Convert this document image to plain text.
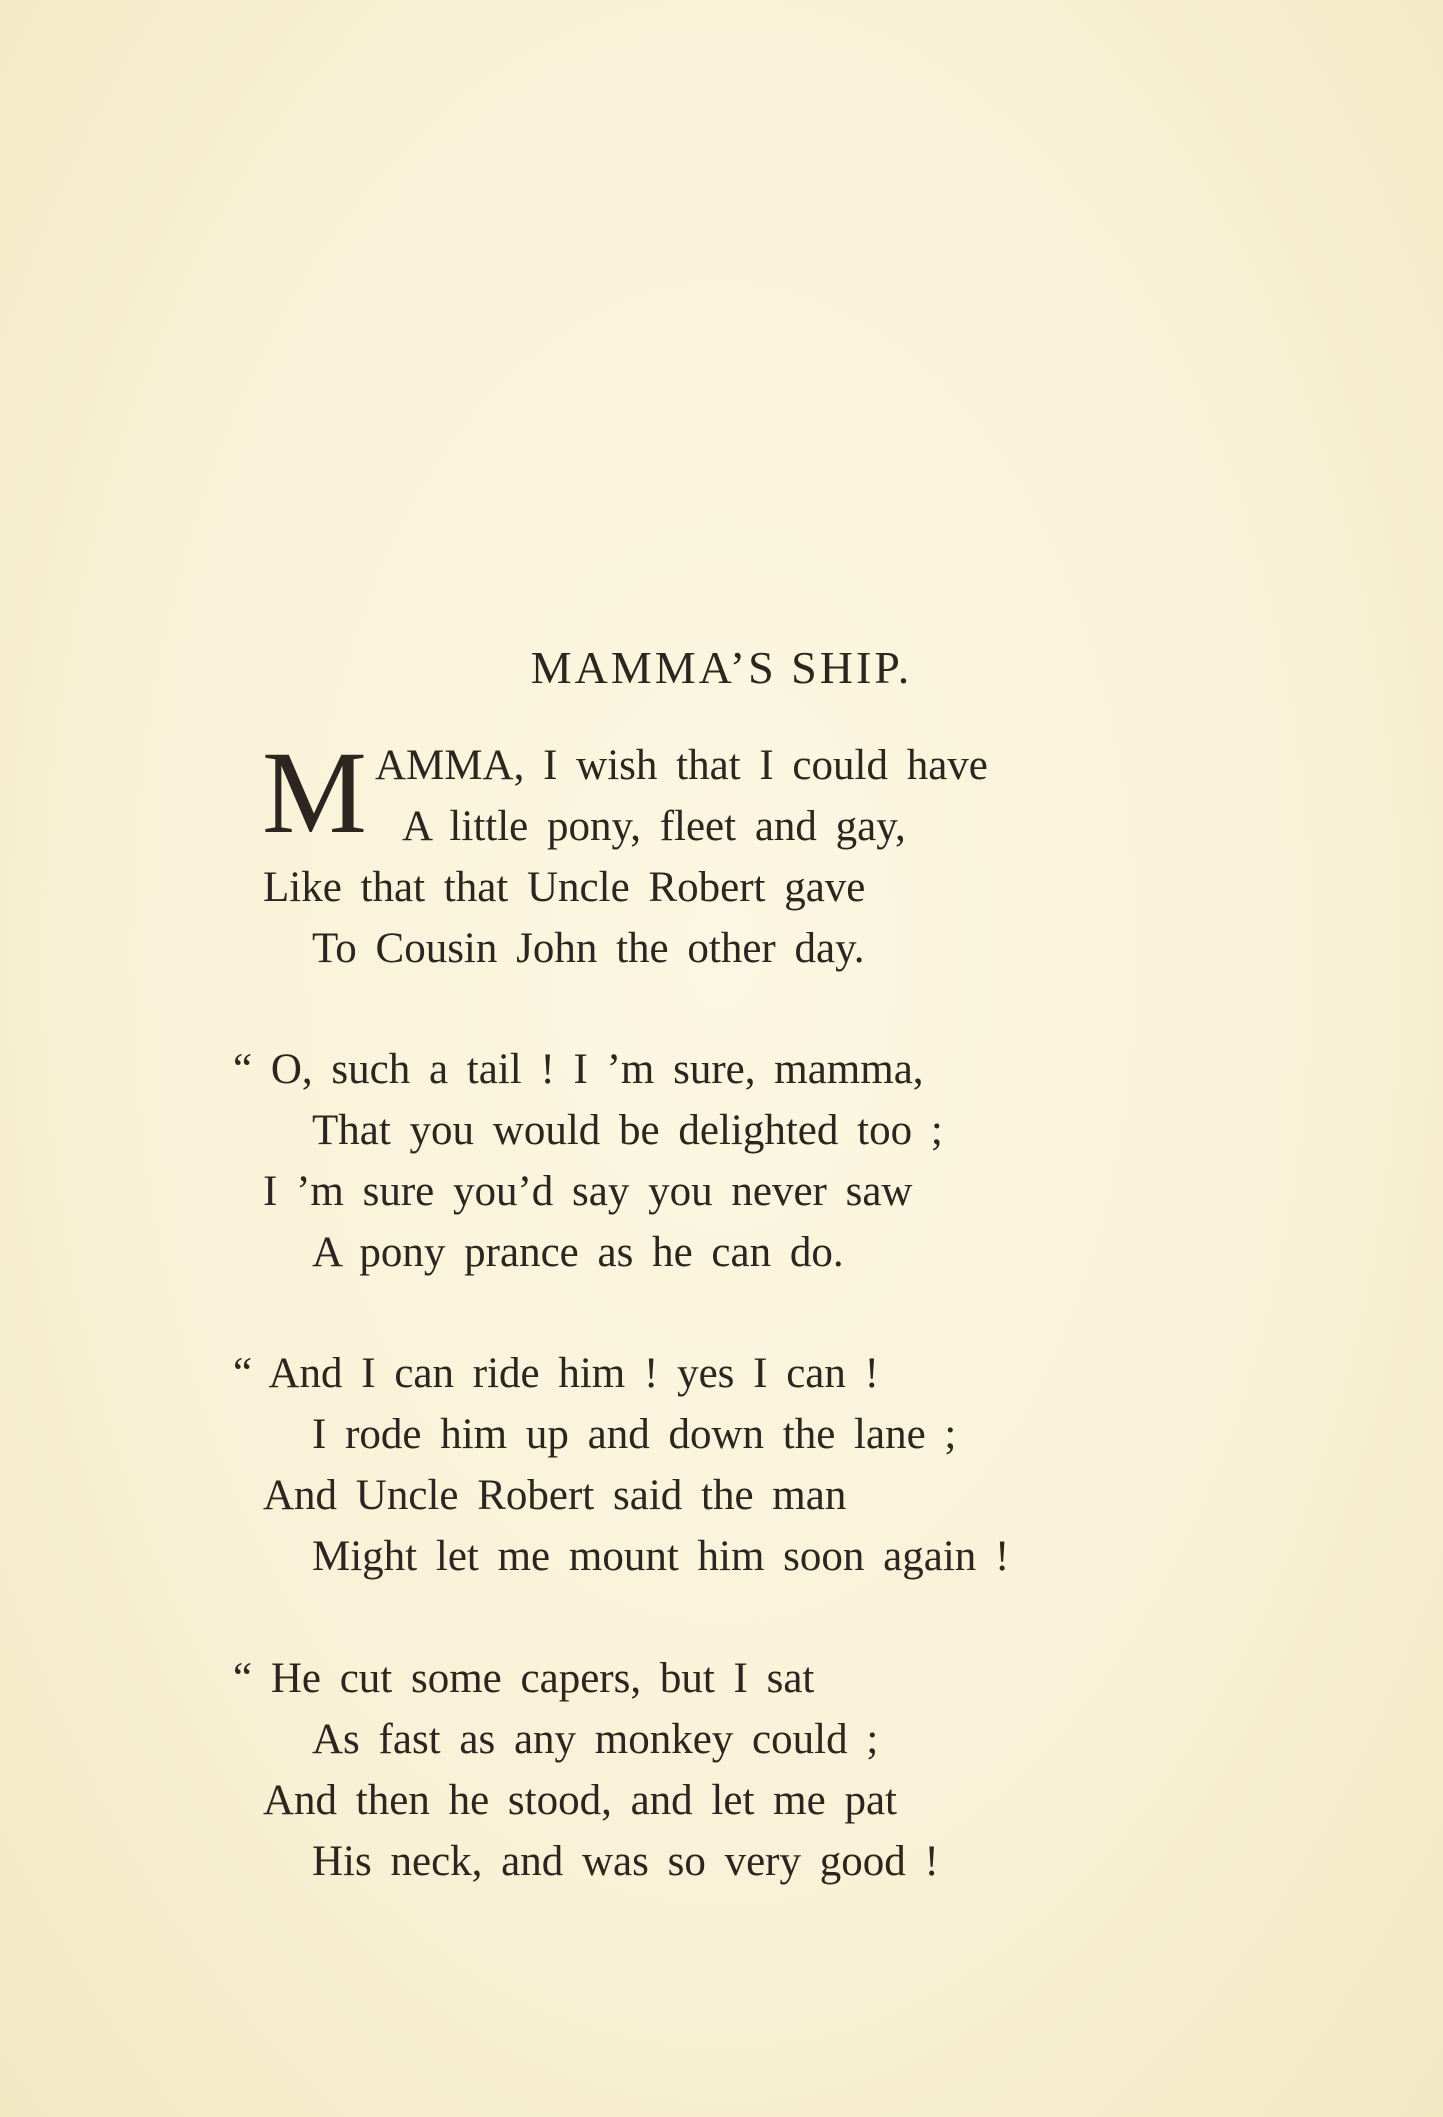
MAMMA’S SHIP.
M AMMA, I wish that I could have
A little pony, fleet and gay,
Like that that Uncle Robert gave
To Cousin John the other day.
“ O, such a tail ! I ’m sure, mamma,
That you would be delighted too ;
I ’m sure you’d say you never saw
A pony prance as he can do.
“ And I can ride him ! yes I can !
I rode him up and down the lane ;
And Uncle Robert said the man
Might let me mount him soon again !
“ He cut some capers, but I sat
As fast as any monkey could ;
And then he stood, and let me pat
His neck, and was so very good !
